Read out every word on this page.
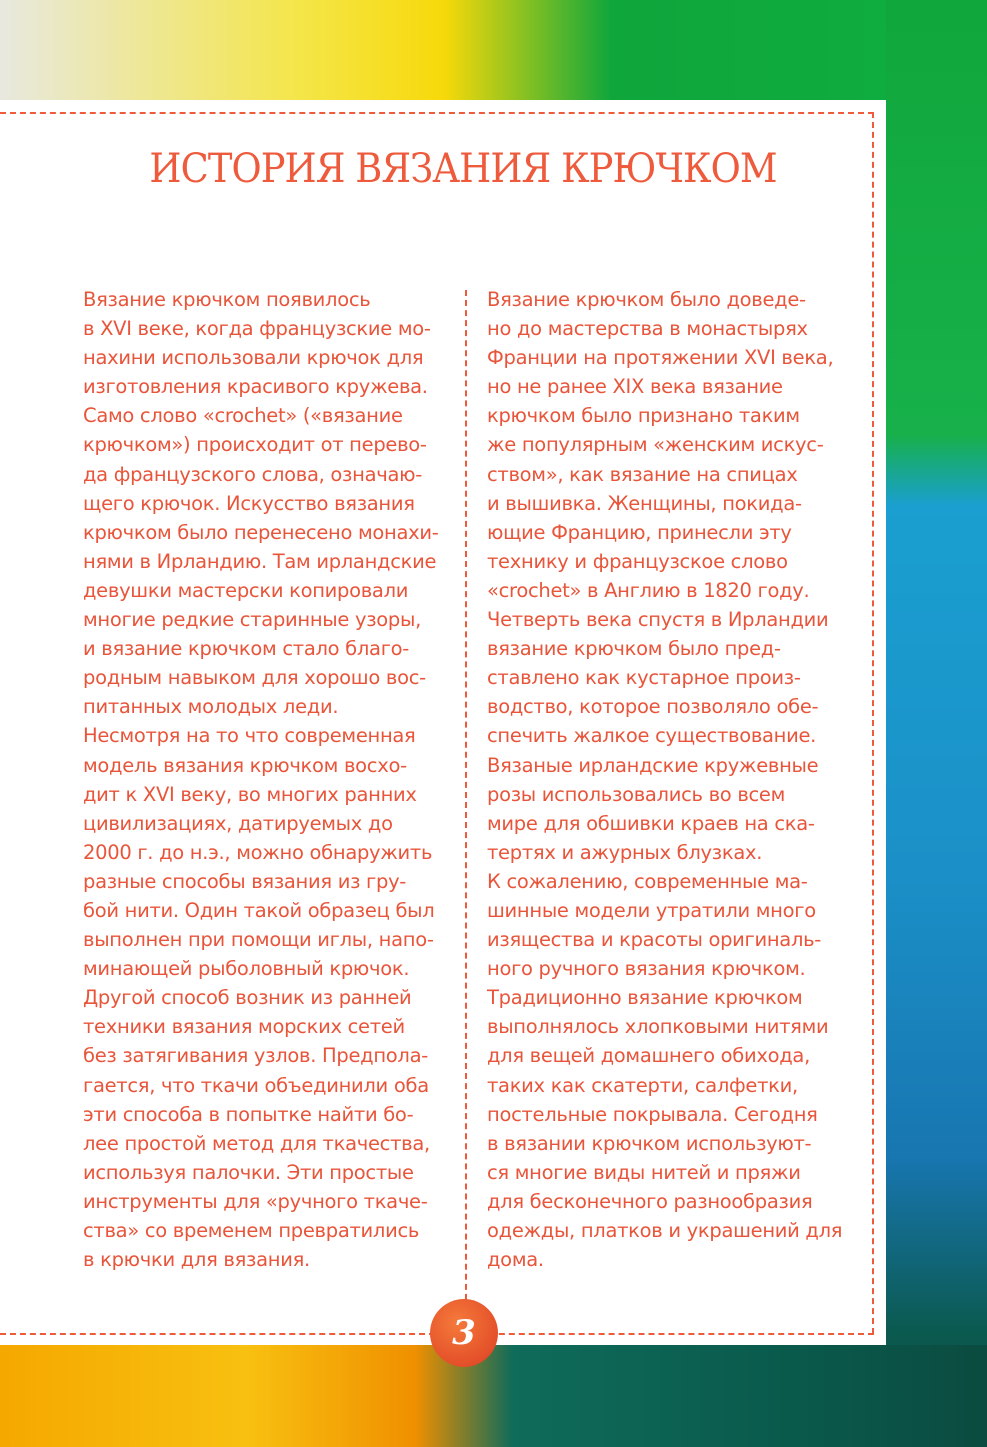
ИСТОРИЯ ВЯЗАНИЯ КРЮЧКОМ
Вязание крючком появилось
в XVI веке, когда французские мо-
нахини использовали крючок для
изготовления красивого кружева.
Само слово «crochet» («вязание
крючком») происходит от перево-
да французского слова, означаю-
щего крючок. Искусство вязания
крючком было перенесено монахи-
нями в Ирландию. Там ирландские
девушки мастерски копировали
многие редкие старинные узоры,
и вязание крючком стало благо-
родным навыком для хорошо вос-
питанных молодых леди.
Несмотря на то что современная
модель вязания крючком восхо-
дит к XVI веку, во многих ранних
цивилизациях, датируемых до
2000 г. до н.э., можно обнаружить
разные способы вязания из гру-
бой нити. Один такой образец был
выполнен при помощи иглы, напо-
минающей рыболовный крючок.
Другой способ возник из ранней
техники вязания морских сетей
без затягивания узлов. Предпола-
гается, что ткачи объединили оба
эти способа в попытке найти бо-
лее простой метод для ткачества,
используя палочки. Эти простые
инструменты для «ручного ткаче-
ства» со временем превратились
в крючки для вязания.
Вязание крючком было доведе-
но до мастерства в монастырях
Франции на протяжении XVI века,
но не ранее XIX века вязание
крючком было признано таким
же популярным «женским искус-
ством», как вязание на спицах
и вышивка. Женщины, покида-
ющие Францию, принесли эту
технику и французское слово
«crochet» в Англию в 1820 году.
Четверть века спустя в Ирландии
вязание крючком было пред-
ставлено как кустарное произ-
водство, которое позволяло обе-
спечить жалкое существование.
Вязаные ирландские кружевные
розы использовались во всем
мире для обшивки краев на ска-
тертях и ажурных блузках.
К сожалению, современные ма-
шинные модели утратили много
изящества и красоты оригиналь-
ного ручного вязания крючком.
Традиционно вязание крючком
выполнялось хлопковыми нитями
для вещей домашнего обихода,
таких как скатерти, салфетки,
постельные покрывала. Сегодня
в вязании крючком используют-
ся многие виды нитей и пряжи
для бесконечного разнообразия
одежды, платков и украшений для
дома.
3
